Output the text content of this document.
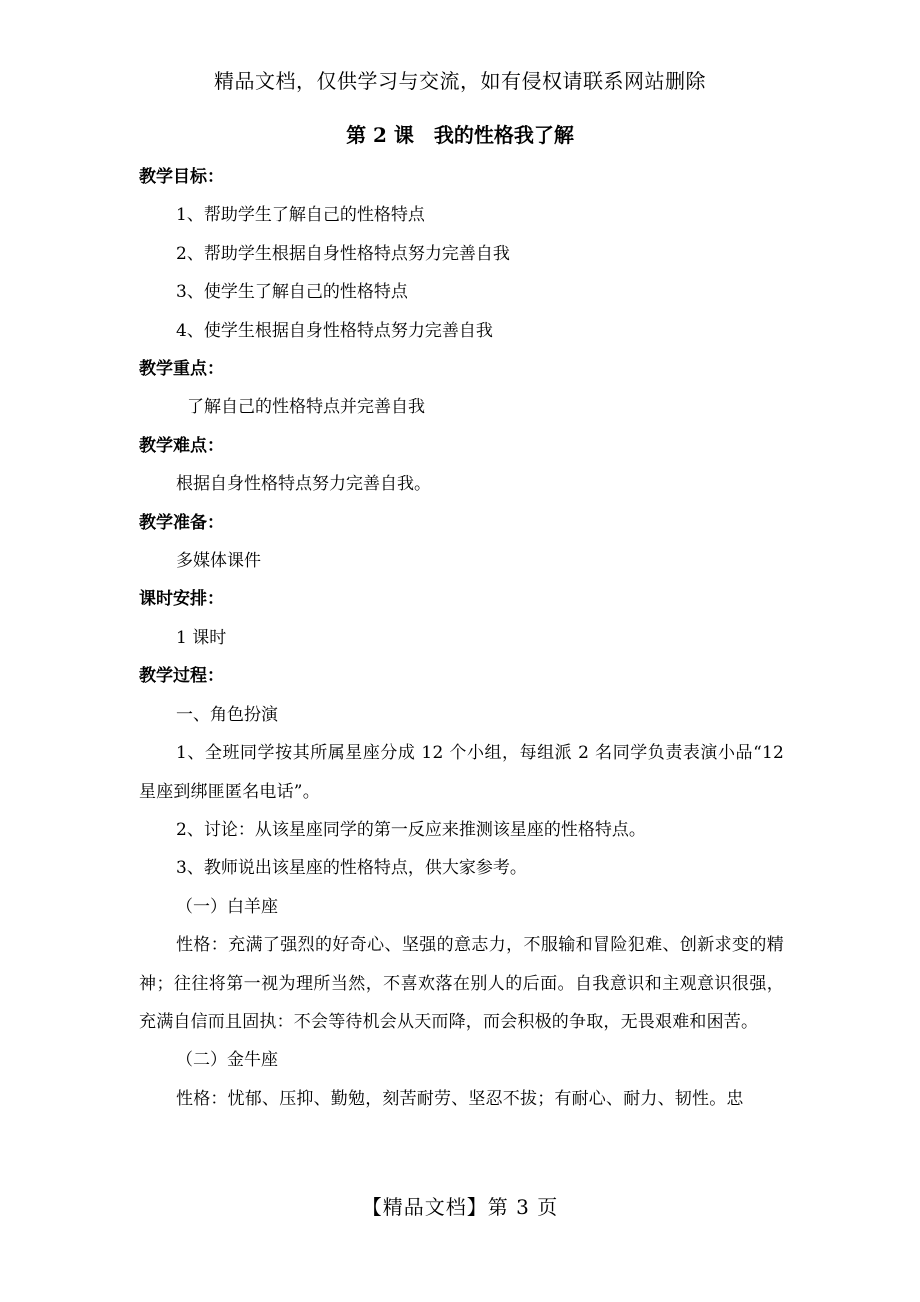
精品文档，仅供学习与交流，如有侵权请联系网站删除
第 2 课　我的性格我了解
教学目标：
1、帮助学生了解自己的性格特点
2、帮助学生根据自身性格特点努力完善自我
3、使学生了解自己的性格特点
4、使学生根据自身性格特点努力完善自我
教学重点：
了解自己的性格特点并完善自我
教学难点：
根据自身性格特点努力完善自我。
教学准备：
多媒体课件
课时安排：
1 课时
教学过程：
一、角色扮演
1、全班同学按其所属星座分成 12 个小组，每组派 2 名同学负责表演小品“12 星座到绑匪匿名电话”。
2、讨论：从该星座同学的第一反应来推测该星座的性格特点。
3、教师说出该星座的性格特点，供大家参考。
（一）白羊座
性格：充满了强烈的好奇心、坚强的意志力，不服输和冒险犯难、创新求变的精神；往往将第一视为理所当然，不喜欢落在别人的后面。自我意识和主观意识很强，充满自信而且固执：不会等待机会从天而降，而会积极的争取，无畏艰难和困苦。
（二）金牛座
性格：忧郁、压抑、勤勉，刻苦耐劳、坚忍不拔；有耐心、耐力、韧性。忠
【精品文档】第 3 页
